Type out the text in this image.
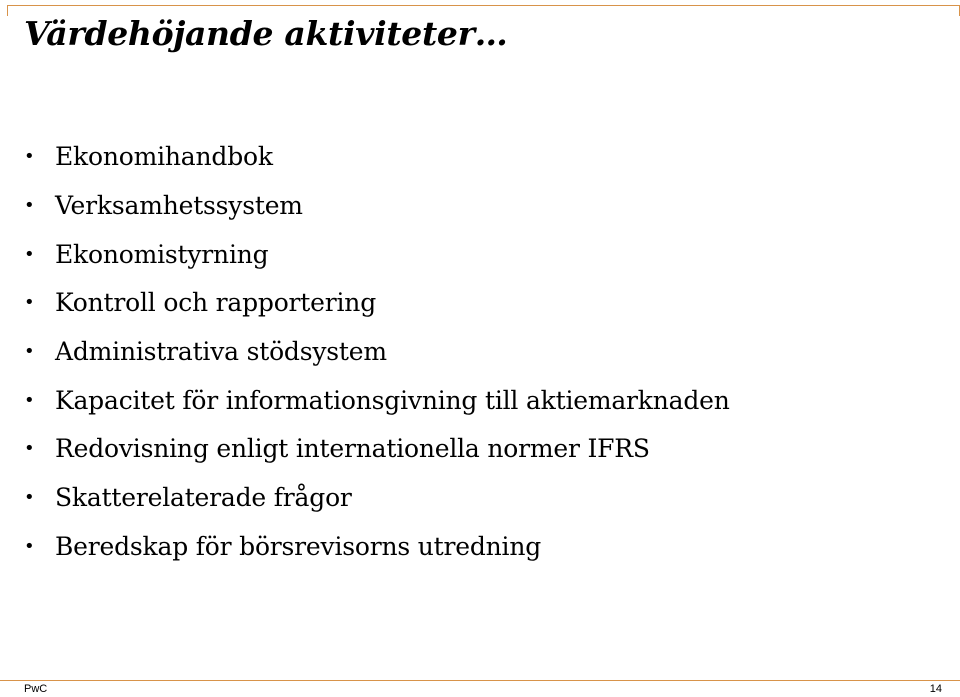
Värdehöjande aktiviteter…
• Ekonomihandbok
• Verksamhetssystem
• Ekonomistyrning
• Kontroll och rapportering
• Administrativa stödsystem
• Kapacitet för informationsgivning till aktiemarknaden
• Redovisning enligt internationella normer IFRS
• Skatterelaterade frågor
• Beredskap för börsrevisorns utredning
PwC	14
